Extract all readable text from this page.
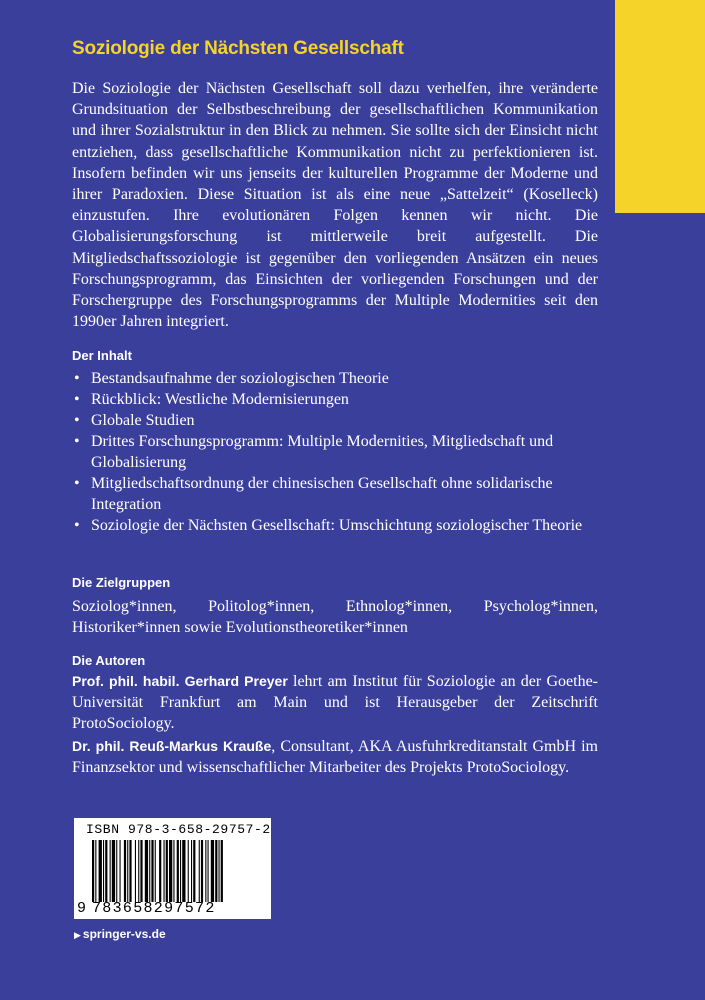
Soziologie der Nächsten Gesellschaft

Die Soziologie der Nächsten Gesellschaft soll dazu verhelfen, ihre veränderte Grundsituation der Selbstbeschreibung der gesellschaftlichen Kommunikation und ihrer Sozialstruktur in den Blick zu nehmen. Sie sollte sich der Einsicht nicht entziehen, dass gesellschaftliche Kommunikation nicht zu perfektionieren ist. Insofern befinden wir uns jenseits der kulturellen Programme der Moderne und ihrer Paradoxien. Diese Situation ist als eine neue „Sattelzeit“ (Koselleck) einzustufen. Ihre evolutionären Folgen kennen wir nicht. Die Globalisierungsforschung ist mittlerweile breit aufgestellt. Die Mitgliedschaftssoziologie ist gegenüber den vorliegenden Ansätzen ein neues Forschungsprogramm, das Einsichten der vorliegenden Forschungen und der Forschergruppe des Forschungsprogramms der Multiple Modernities seit den 1990er Jahren integriert.

Der Inhalt
• Bestandsaufnahme der soziologischen Theorie
• Rückblick: Westliche Modernisierungen
• Globale Studien
• Drittes Forschungsprogramm: Multiple Modernities, Mitgliedschaft und Globalisierung
• Mitgliedschaftsordnung der chinesischen Gesellschaft ohne solidarische Integration
• Soziologie der Nächsten Gesellschaft: Umschichtung soziologischer Theorie
Die Zielgruppen

Soziolog*innen, Politolog*innen, Ethnolog*innen, Psycholog*innen, Historiker*innen sowie Evolutionstheoretiker*innen

Die Autoren

Prof. phil. habil. Gerhard Preyer lehrt am Institut für Soziologie an der Goethe-Universität Frankfurt am Main und ist Herausgeber der Zeitschrift ProtoSociology.

Dr. phil. Reuß-Markus Krauße, Consultant, AKA Ausfuhrkreditanstalt GmbH im Finanzsektor und wissenschaftlicher Mitarbeiter des Projekts ProtoSociology.

ISBN 978-3-658-29757-2
9 783658297572
▶ springer-vs.de
